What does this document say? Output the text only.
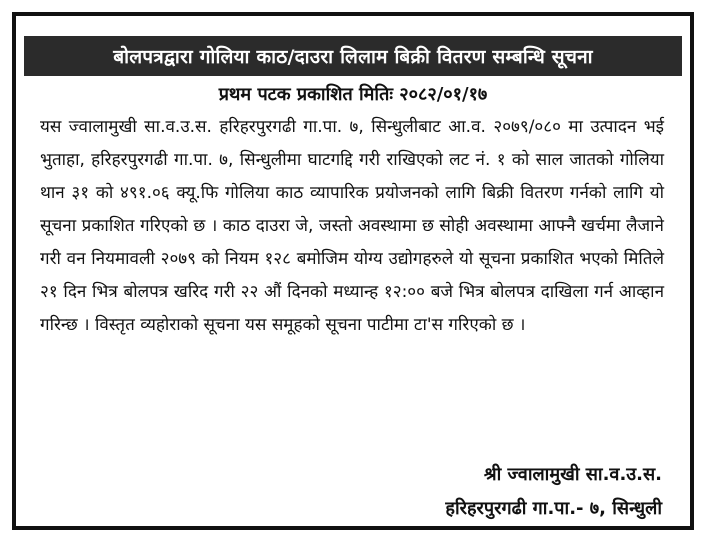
बोलपत्रद्वारा गोलिया काठ/दाउरा लिलाम बिक्री वितरण सम्बन्धि सूचना
प्रथम पटक प्रकाशित मितिः २०८२/०१/१७
यस ज्वालामुखी सा.व.उ.स. हरिहरपुरगढी गा.पा. ७, सिन्धुलीबाट आ.व. २०७९/०८० मा उत्पादन भई भुताहा, हरिहरपुरगढी गा.पा. ७, सिन्धुलीमा घाटगद्दि गरी राखिएको लट नं. १ को साल जातको गोलिया थान ३१ को ४९१.०६ क्यू.फि गोलिया काठ व्यापारिक प्रयोजनको लागि बिक्री वितरण गर्नको लागि यो सूचना प्रकाशित गरिएको छ । काठ दाउरा जे, जस्तो अवस्थामा छ सोही अवस्थामा आफ्नै खर्चमा लैजाने गरी वन नियमावली २०७९ को नियम १२८ बमोजिम योग्य उद्योगहरुले यो सूचना प्रकाशित भएको मितिले २१ दिन भित्र बोलपत्र खरिद गरी २२ औं दिनको मध्यान्ह १२:०० बजे भित्र बोलपत्र दाखिला गर्न आव्हान गरिन्छ । विस्तृत व्यहोराको सूचना यस समूहको सूचना पाटीमा टा'स गरिएको छ ।
श्री ज्वालामुखी सा.व.उ.स.
हरिहरपुरगढी गा.पा.- ७, सिन्धुली
